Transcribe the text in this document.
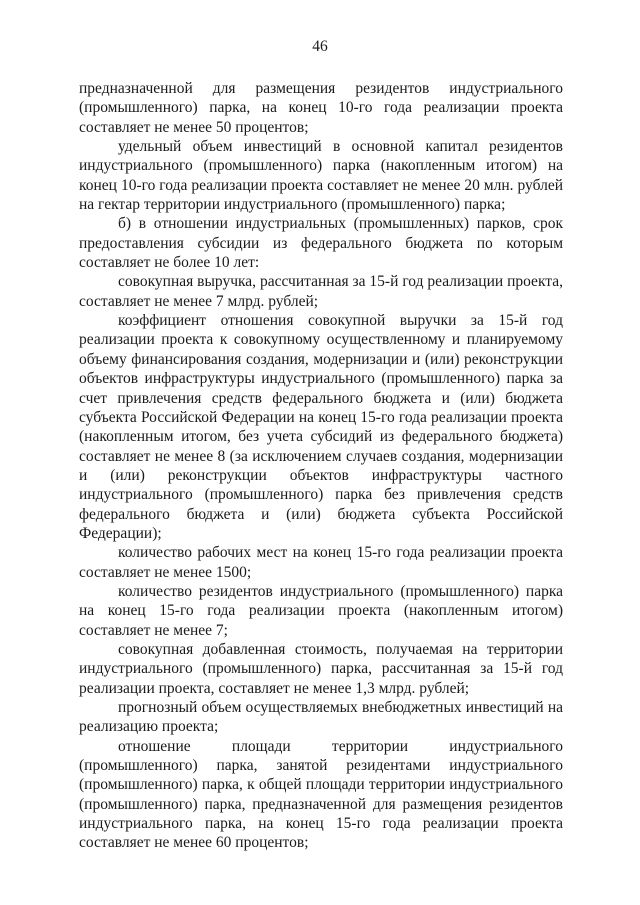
46

предназначенной для размещения резидентов индустриального (промышленного) парка, на конец 10-го года реализации проекта составляет не менее 50 процентов;

удельный объем инвестиций в основной капитал резидентов индустриального (промышленного) парка (накопленным итогом) на конец 10-го года реализации проекта составляет не менее 20 млн. рублей на гектар территории индустриального (промышленного) парка;

б) в отношении индустриальных (промышленных) парков, срок предоставления субсидии из федерального бюджета по которым составляет не более 10 лет:

совокупная выручка, рассчитанная за 15-й год реализации проекта, составляет не менее 7 млрд. рублей;

коэффициент отношения совокупной выручки за 15-й год реализации проекта к совокупному осуществленному и планируемому объему финансирования создания, модернизации и (или) реконструкции объектов инфраструктуры индустриального (промышленного) парка за счет привлечения средств федерального бюджета и (или) бюджета субъекта Российской Федерации на конец 15-го года реализации проекта (накопленным итогом, без учета субсидий из федерального бюджета) составляет не менее 8 (за исключением случаев создания, модернизации и (или) реконструкции объектов инфраструктуры частного индустриального (промышленного) парка без привлечения средств федерального бюджета и (или) бюджета субъекта Российской Федерации);

количество рабочих мест на конец 15-го года реализации проекта составляет не менее 1500;

количество резидентов индустриального (промышленного) парка на конец 15-го года реализации проекта (накопленным итогом) составляет не менее 7;

совокупная добавленная стоимость, получаемая на территории индустриального (промышленного) парка, рассчитанная за 15-й год реализации проекта, составляет не менее 1,3 млрд. рублей;

прогнозный объем осуществляемых внебюджетных инвестиций на реализацию проекта;

отношение площади территории индустриального (промышленного) парка, занятой резидентами индустриального (промышленного) парка, к общей площади территории индустриального (промышленного) парка, предназначенной для размещения резидентов индустриального парка, на конец 15-го года реализации проекта составляет не менее 60 процентов;
